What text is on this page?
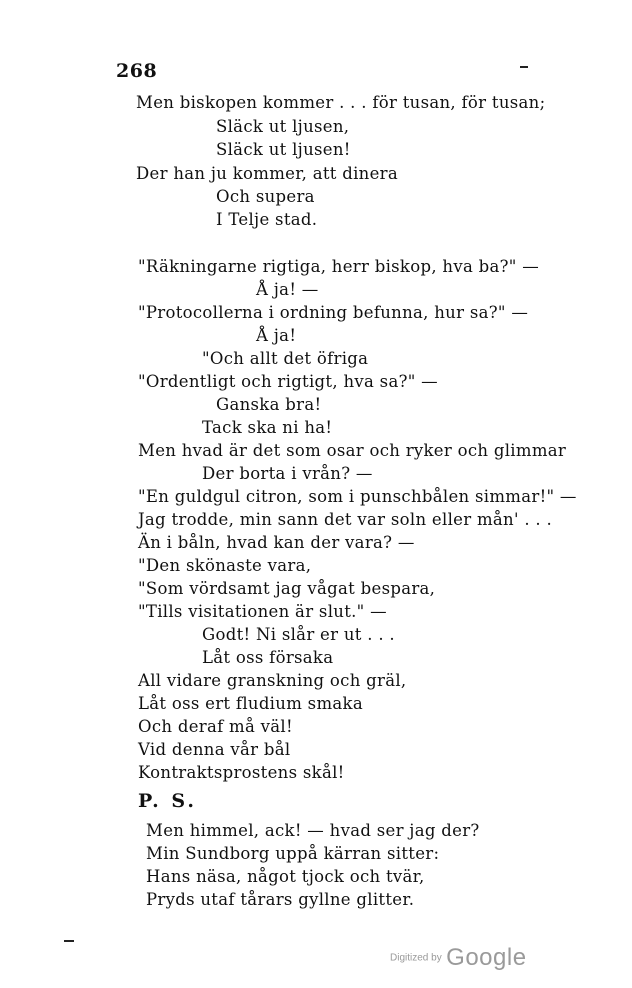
268
Men biskopen kommer . . . för tusan, för tusan;
Släck ut ljusen,
Släck ut ljusen!
Der han ju kommer, att dinera
Och supera
I Telje stad.
"Räkningarne rigtiga, herr biskop, hva ba?" —
Å ja! —
"Protocollerna i ordning befunna, hur sa?" —
Å ja!
"Och allt det öfriga
"Ordentligt och rigtigt, hva sa?" —
Ganska bra!
Tack ska ni ha!
Men hvad är det som osar och ryker och glimmar
Der borta i vrån? —
"En guldgul citron, som i punschbålen simmar!" —
Jag trodde, min sann det var soln eller mån' . . .
Än i båln, hvad kan der vara? —
"Den skönaste vara,
"Som vördsamt jag vågat bespara,
"Tills visitationen är slut." —
Godt! Ni slår er ut . . .
Låt oss försaka
All vidare granskning och gräl,
Låt oss ert fludium smaka
Och deraf må väl!
Vid denna vår bål
Kontraktsprostens skål!
P. S.
Men himmel, ack! — hvad ser jag der?
Min Sundborg uppå kärran sitter:
Hans näsa, något tjock och tvär,
Pryds utaf tårars gyllne glitter.
Digitized by Google
